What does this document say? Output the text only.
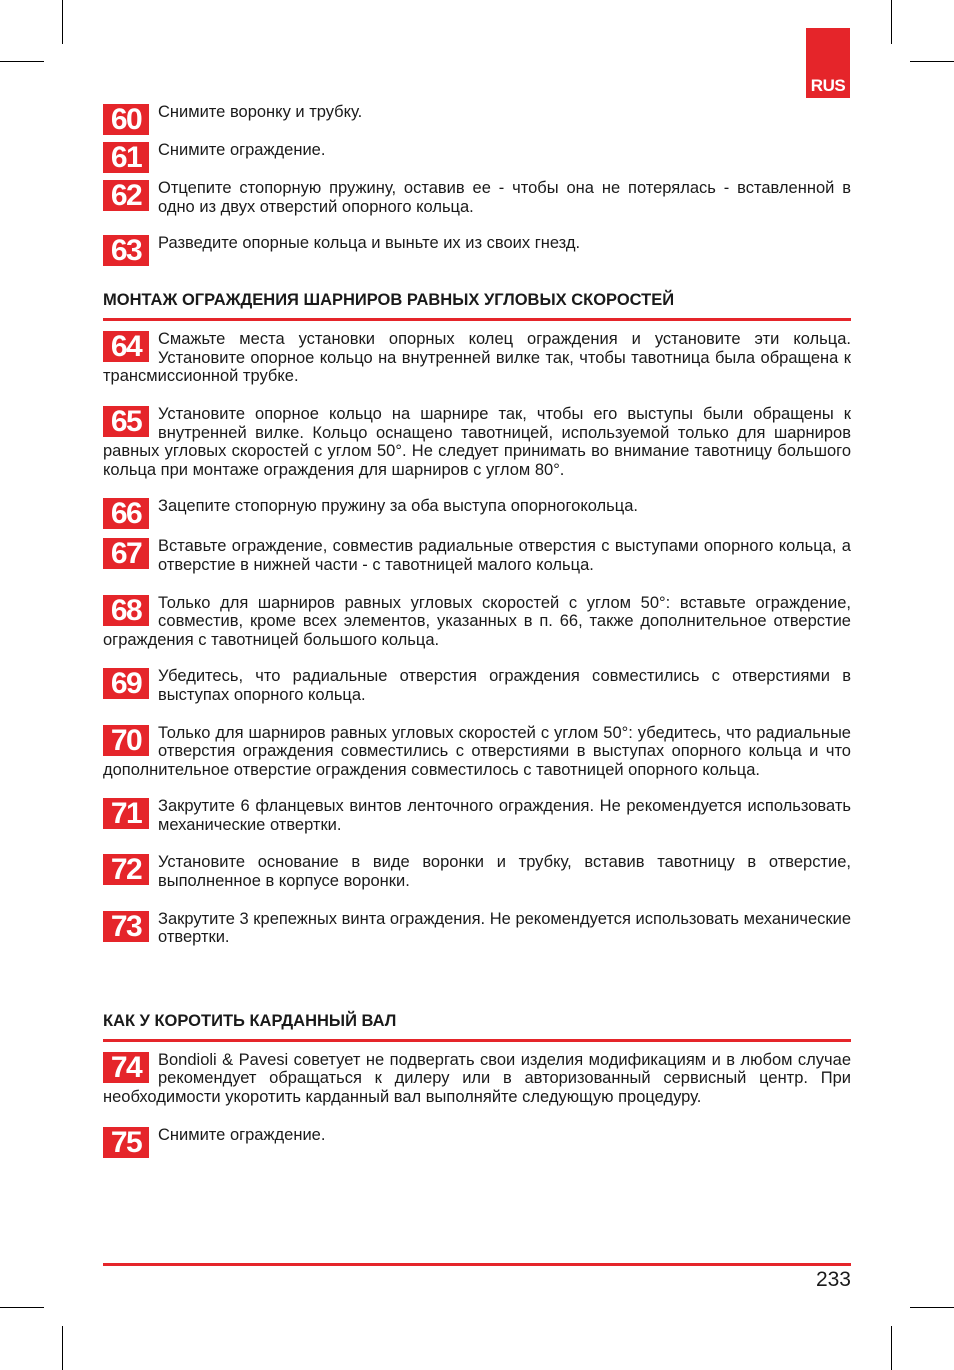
RUS
60	Снимите воронку и трубку.
61	Снимите ограждение.
62	Отцепите стопорную пружину, оставив ее - чтобы она не потерялась - вставленной в одно из двух отверстий опорного кольца.
63	Разведите опорные кольца и выньте их из своих гнезд.
МОНТАЖ ОГРАЖДЕНИЯ ШАРНИРОВ РАВНЫХ УГЛОВЫХ СКОРОСТЕЙ
64	Смажьте места установки опорных колец ограждения и установите эти кольца. Установите опорное кольцо на внутренней вилке так, чтобы тавотница была обращена к трансмиссионной трубке.
65	Установите опорное кольцо на шарнире так, чтобы его выступы были обращены к внутренней вилке. Кольцо оснащено тавотницей, используемой только для шарниров равных угловых скоростей с углом 50°. Не следует принимать во внимание тавотницу большого кольца при монтаже ограждения для шарниров с углом 80°.
66	Зацепите стопорную пружину за оба выступа опорногокольца.
67	Вставьте ограждение, совместив радиальные отверстия с выступами опорного кольца, а отверстие в нижней части - с тавотницей малого кольца.
68	Только для шарниров равных угловых скоростей с углом 50°: вставьте ограждение, совместив, кроме всех элементов, указанных в п. 66, также дополнительное отверстие ограждения с тавотницей большого кольца.
69	Убедитесь, что радиальные отверстия ограждения совместились с отверстиями в выступах опорного кольца.
70	Только для шарниров равных угловых скоростей с углом 50°: убедитесь, что радиальные отверстия ограждения совместились с отверстиями в выступах опорного кольца и что дополнительное отверстие ограждения совместилось с тавотницей опорного кольца.
71	Закрутите 6 фланцевых винтов ленточного ограждения. Не рекомендуется использовать механические отвертки.
72	Установите основание в виде воронки и трубку, вставив тавотницу в отверстие, выполненное в корпусе воронки.
73	Закрутите 3 крепежных винта ограждения. Не рекомендуется использовать механические отвертки.
КАК У КОРОТИТЬ КАРДАННЫЙ ВАЛ
74	Bondioli & Pavesi советует не подвергать свои изделия модификациям и в любом случае рекомендует обращаться к дилеру или в авторизованный сервисный центр. При необходимости укоротить карданный вал выполняйте следующую процедуру.
75	Снимите ограждение.
233
